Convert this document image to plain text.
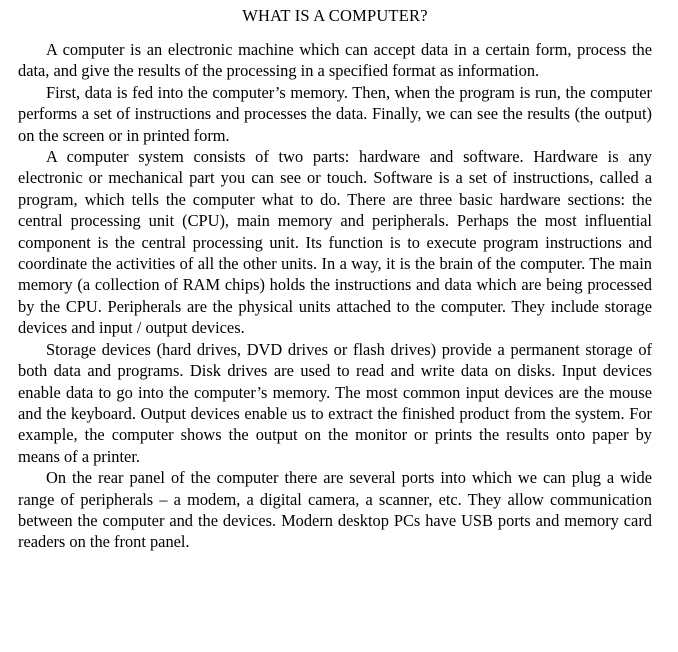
WHAT IS A COMPUTER?

A computer is an electronic machine which can accept data in a certain form, process the data, and give the results of the processing in a specified format as information.

First, data is fed into the computer’s memory. Then, when the program is run, the computer performs a set of instructions and processes the data. Finally, we can see the results (the output) on the screen or in printed form.

A computer system consists of two parts: hardware and software. Hardware is any electronic or mechanical part you can see or touch. Software is a set of instructions, called a program, which tells the computer what to do. There are three basic hardware sections: the central processing unit (CPU), main memory and peripherals. Perhaps the most influential component is the central processing unit. Its function is to execute program instructions and coordinate the activities of all the other units. In a way, it is the brain of the computer. The main memory (a collection of RAM chips) holds the instructions and data which are being processed by the CPU. Peripherals are the physical units attached to the computer. They include storage devices and input / output devices.

Storage devices (hard drives, DVD drives or flash drives) provide a permanent storage of both data and programs. Disk drives are used to read and write data on disks. Input devices enable data to go into the computer’s memory. The most common input devices are the mouse and the keyboard. Output devices enable us to extract the finished product from the system. For example, the computer shows the output on the monitor or prints the results onto paper by means of a printer.

On the rear panel of the computer there are several ports into which we can plug a wide range of peripherals – a modem, a digital camera, a scanner, etc. They allow communication between the computer and the devices. Modern desktop PCs have USB ports and memory card readers on the front panel.
